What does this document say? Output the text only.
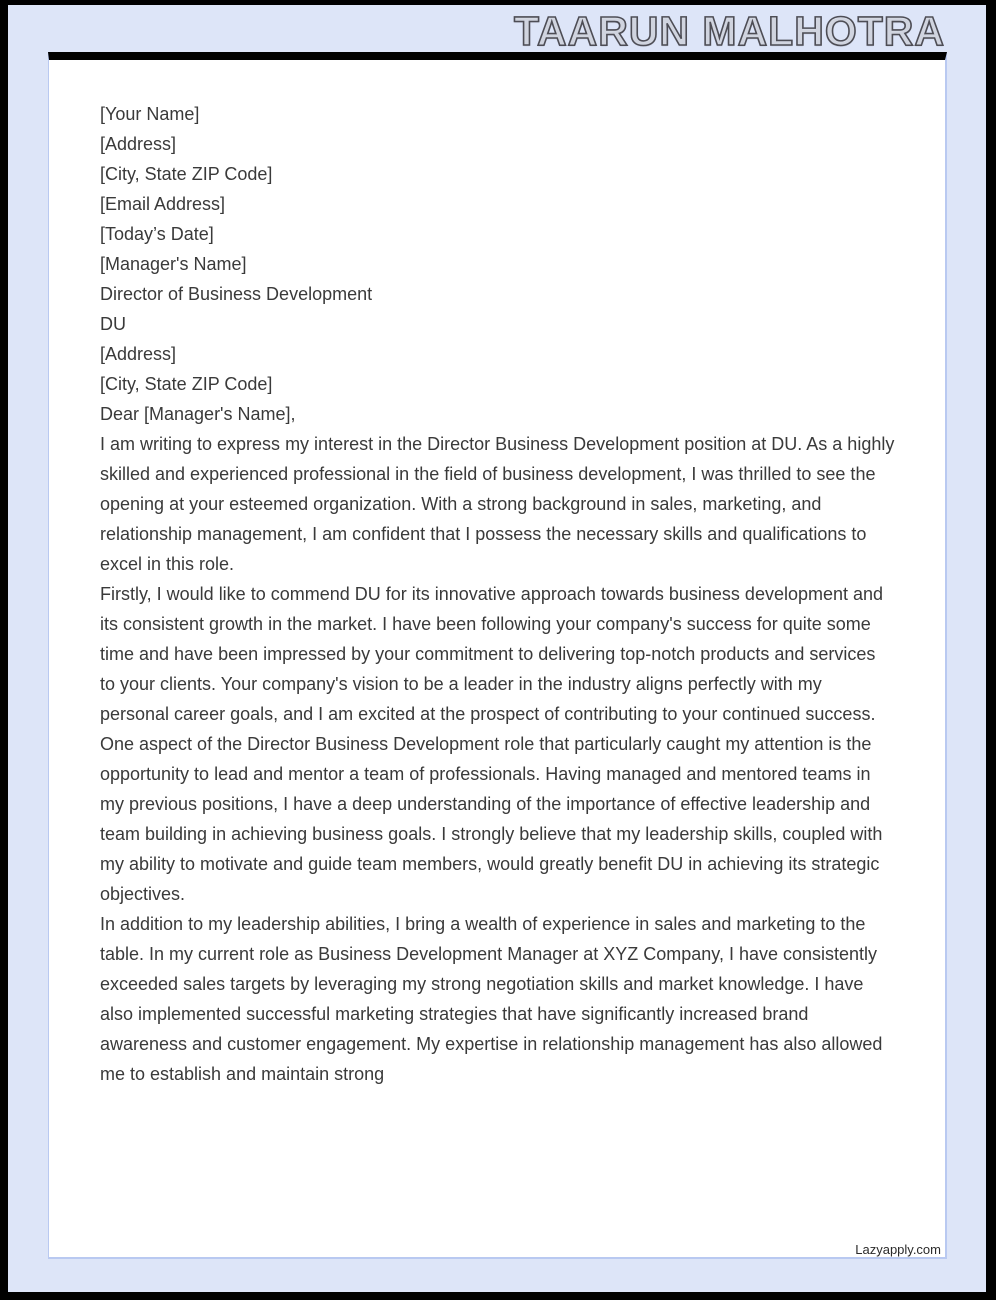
TAARUN MALHOTRA
[Your Name]
[Address]
[City, State ZIP Code]
[Email Address]
[Today’s Date]
[Manager's Name]
Director of Business Development
DU
[Address]
[City, State ZIP Code]

Dear [Manager's Name],

I am writing to express my interest in the Director Business Development position at DU. As a highly skilled and experienced professional in the field of business development, I was thrilled to see the opening at your esteemed organization. With a strong background in sales, marketing, and relationship management, I am confident that I possess the necessary skills and qualifications to excel in this role.

Firstly, I would like to commend DU for its innovative approach towards business development and its consistent growth in the market. I have been following your company's success for quite some time and have been impressed by your commitment to delivering top-notch products and services to your clients. Your company's vision to be a leader in the industry aligns perfectly with my personal career goals, and I am excited at the prospect of contributing to your continued success.

One aspect of the Director Business Development role that particularly caught my attention is the opportunity to lead and mentor a team of professionals. Having managed and mentored teams in my previous positions, I have a deep understanding of the importance of effective leadership and team building in achieving business goals. I strongly believe that my leadership skills, coupled with my ability to motivate and guide team members, would greatly benefit DU in achieving its strategic objectives.

In addition to my leadership abilities, I bring a wealth of experience in sales and marketing to the table. In my current role as Business Development Manager at XYZ Company, I have consistently exceeded sales targets by leveraging my strong negotiation skills and market knowledge. I have also implemented successful marketing strategies that have significantly increased brand awareness and customer engagement. My expertise in relationship management has also allowed me to establish and maintain strong

Lazyapply.com
